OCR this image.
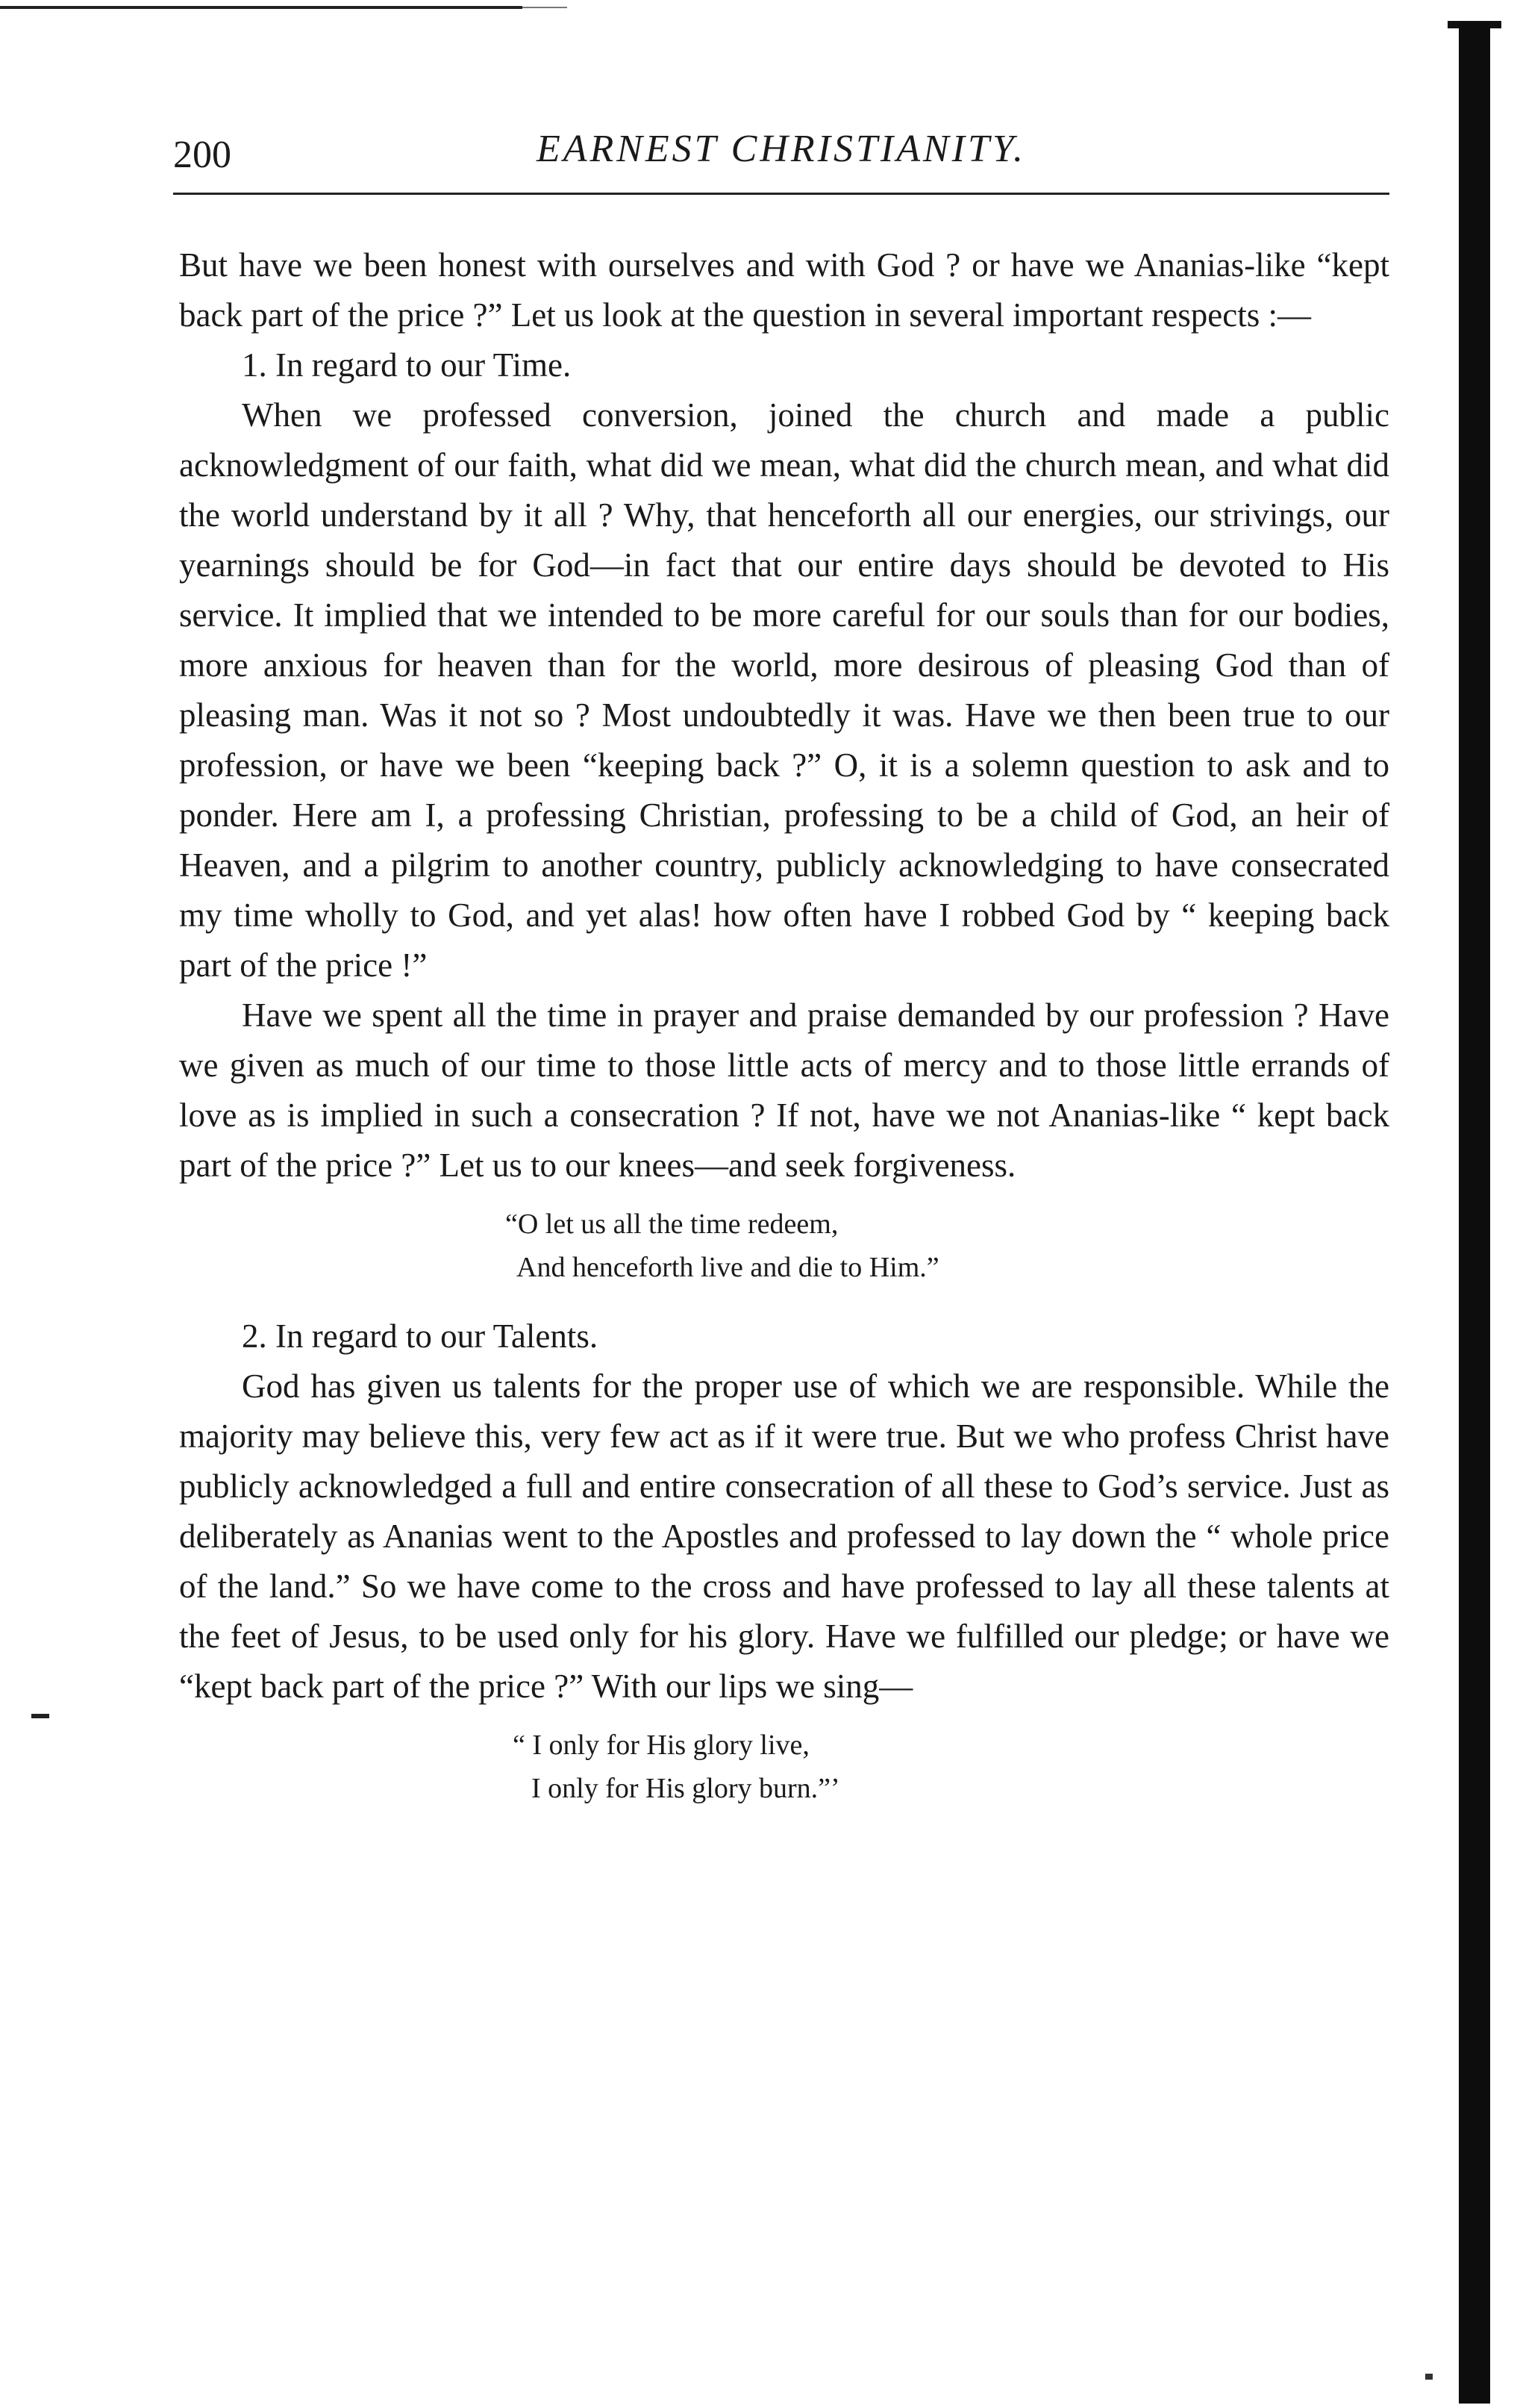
200	EARNEST CHRISTIANITY.

But have we been honest with ourselves and with God ? or have we Ananias-like “kept back part of the price ?” Let us look at the question in several important respects :—

1. In regard to our Time.

When we professed conversion, joined the church and made a public acknowledgment of our faith, what did we mean, what did the church mean, and what did the world understand by it all ? Why, that henceforth all our energies, our strivings, our yearnings should be for God—in fact that our entire days should be devoted to His service. It implied that we intended to be more careful for our souls than for our bodies, more anxious for heaven than for the world, more desirous of pleasing God than of pleasing man. Was it not so ? Most undoubtedly it was. Have we then been true to our profession, or have we been “keeping back ?” O, it is a solemn question to ask and to ponder. Here am I, a professing Christian, professing to be a child of God, an heir of Heaven, and a pilgrim to another country, publicly acknowledging to have consecrated my time wholly to God, and yet alas! how often have I robbed God by “ keeping back part of the price !”

Have we spent all the time in prayer and praise demanded by our profession ? Have we given as much of our time to those little acts of mercy and to those little errands of love as is implied in such a consecration ? If not, have we not Ananias-like “ kept back part of the price ?” Let us to our knees—and seek forgiveness.

“O let us all the time redeem,
And henceforth live and die to Him.”

2. In regard to our Talents.

God has given us talents for the proper use of which we are responsible. While the majority may believe this, very few act as if it were true. But we who profess Christ have publicly acknowledged a full and entire consecration of all these to God’s service. Just as deliberately as Ananias went to the Apostles and professed to lay down the “ whole price of the land.” So we have come to the cross and have professed to lay all these talents at the feet of Jesus, to be used only for his glory. Have we fulfilled our pledge; or have we “kept back part of the price ?” With our lips we sing—

“ I only for His glory live,
I only for His glory burn.”’
